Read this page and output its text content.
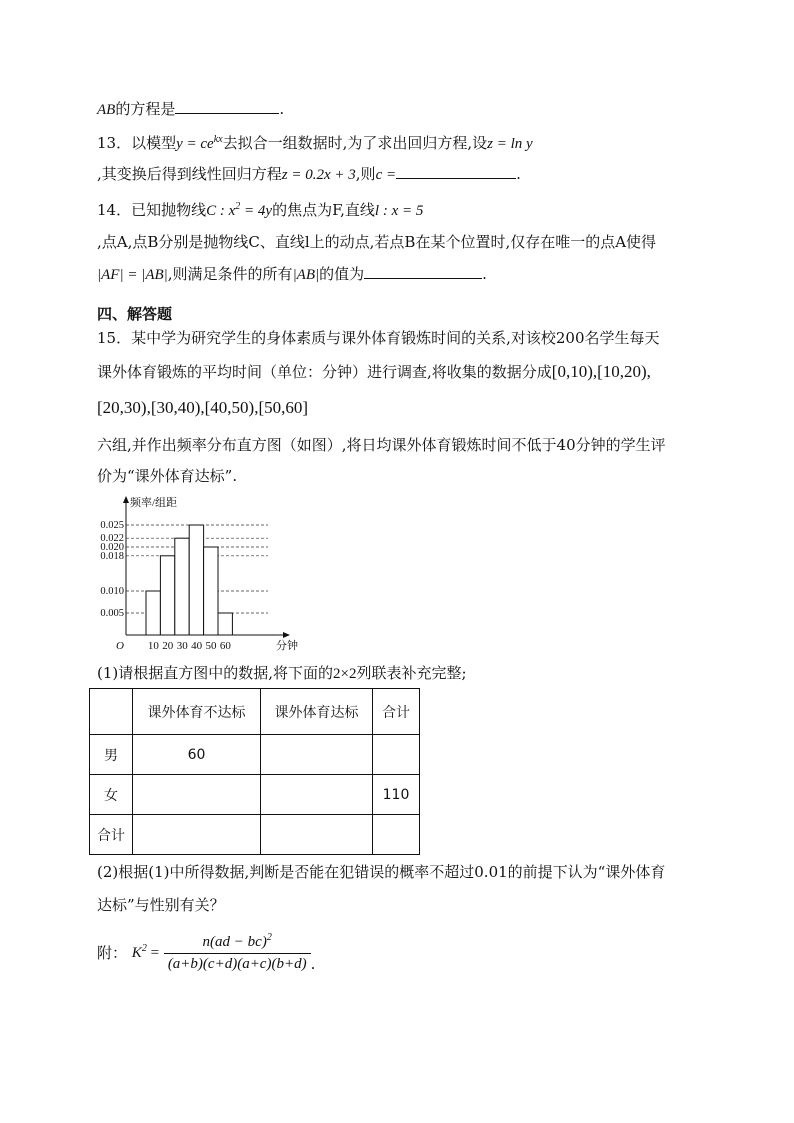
AB的方程是	.
13．以模型$y = ce^{kx}$去拟合一组数据时,为了求出回归方程,设z = ln y
,其变换后得到线性回归方程z = 0.2x + 3,则c =	.
14．已知抛物线C : $x^2 = 4y$的焦点为F,直线l : x = 5
,点A,点B分别是抛物线C、直线l上的动点,若点B在某个位置时,仅存在唯一的点A使得
|AF| = |AB|,则满足条件的所有|AB|的值为	.
四、解答题
15．某中学为研究学生的身体素质与课外体育锻炼时间的关系,对该校200名学生每天
课外体育锻炼的平均时间（单位：分钟）进行调查,将收集的数据分成[0,10),[10,20),
[20,30),[30,40),[40,50),[50,60]
六组,并作出频率分布直方图（如图）,将日均课外体育锻炼时间不低于40分钟的学生评
价为“课外体育达标”.
0.025
0.022
0.020
0.018
0.010
0.005
10 20 30 40 50 60
O
频率/组距
分钟
(1)请根据直方图中的数据,将下面的2×2列联表补充完整;
	课外体育不达标	课外体育达标	合计
男	60		
女			110
合计			
(2)根据(1)中所得数据,判断是否能在犯错误的概率不超过0.01的前提下认为“课外体育
达标”与性别有关？
附： $K^2 = \frac{n(ad - bc)^2}{(a+b)(c+d)(a+c)(b+d)}$ .
